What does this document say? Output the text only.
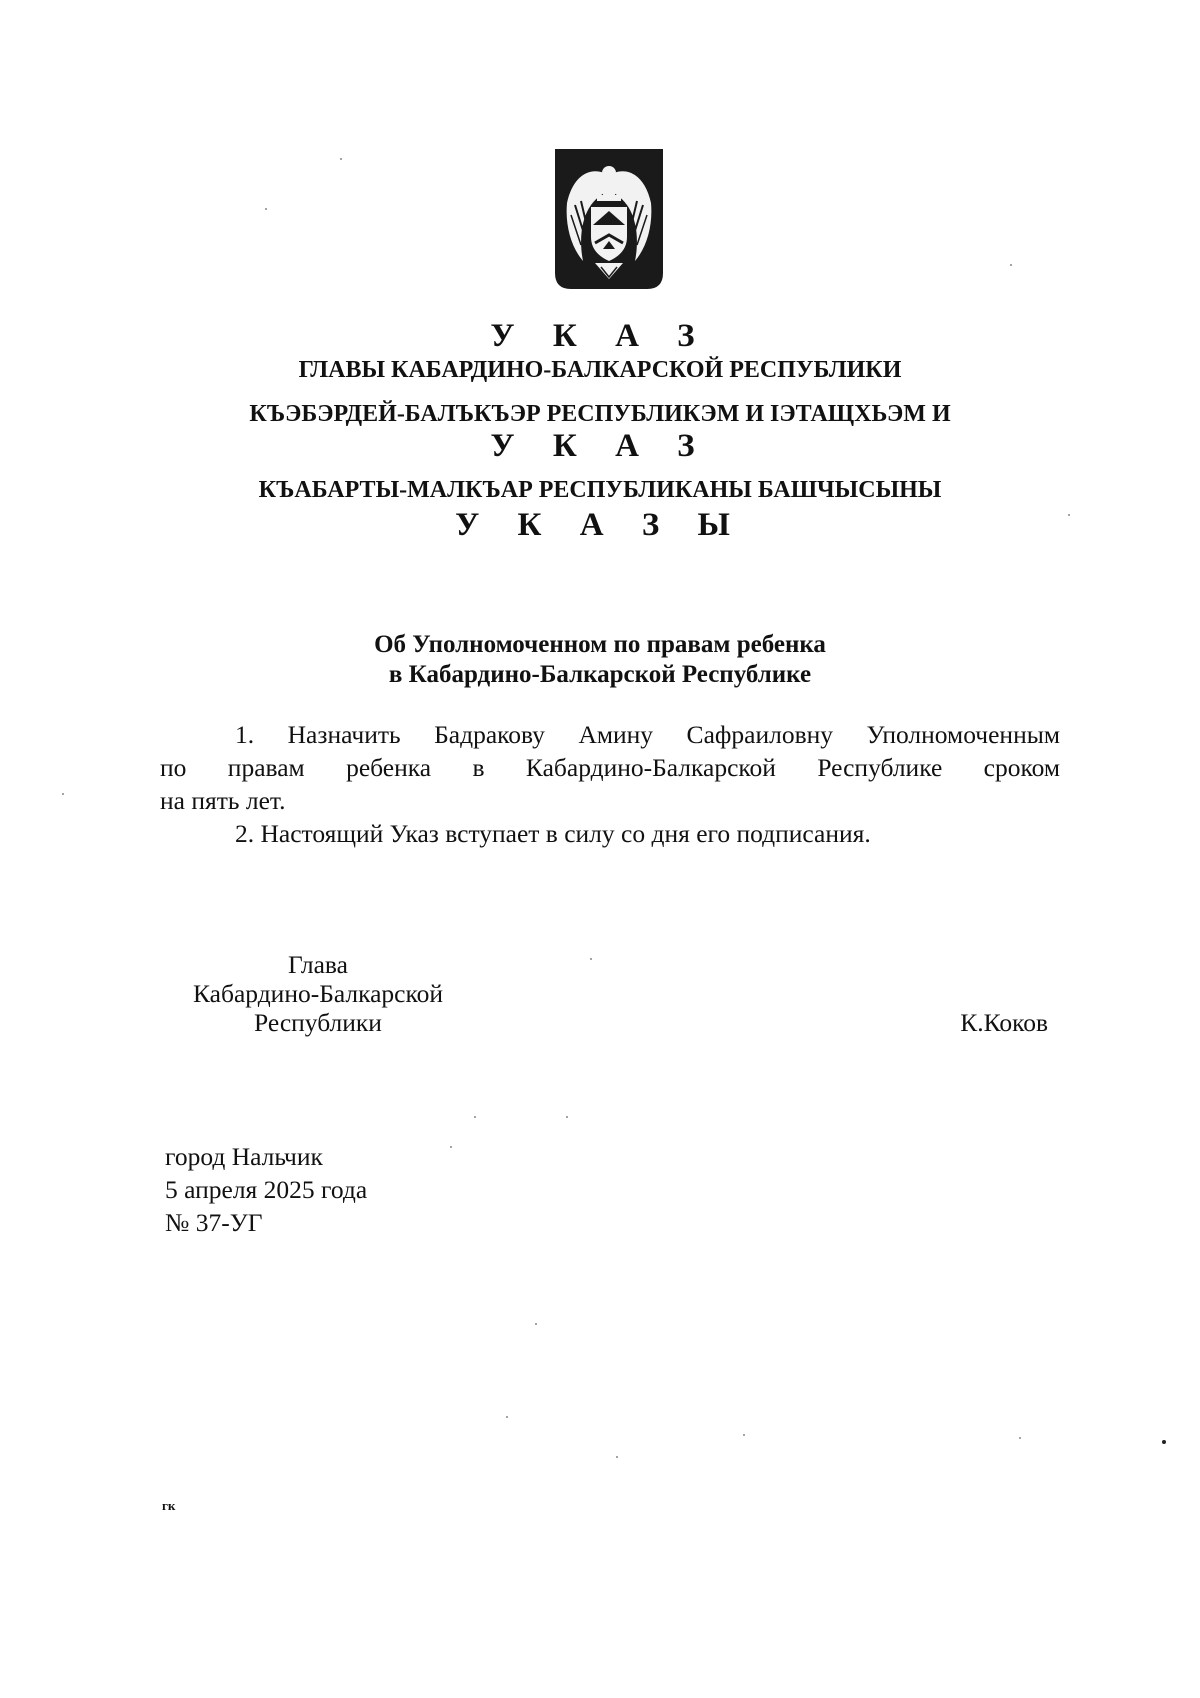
У К А З
ГЛАВЫ КАБАРДИНО-БАЛКАРСКОЙ РЕСПУБЛИКИ
КЪЭБЭРДЕЙ-БАЛЪКЪЭР РЕСПУБЛИКЭМ И IЭТАЩХЬЭМ И
У К А З
КЪАБАРТЫ-МАЛКЪАР РЕСПУБЛИКАНЫ БАШЧЫСЫНЫ
У К А З Ы
Об Уполномоченном по правам ребенка
в Кабардино-Балкарской Республике
1. Назначить Бадракову Амину Сафраиловну Уполномоченным
по правам ребенка в Кабардино-Балкарской Республике сроком
на пять лет.
2. Настоящий Указ вступает в силу со дня его подписания.
Глава
Кабардино-Балкарской
Республики	К.Коков
город Нальчик
5 апреля 2025 года
№ 37-УГ
гк
